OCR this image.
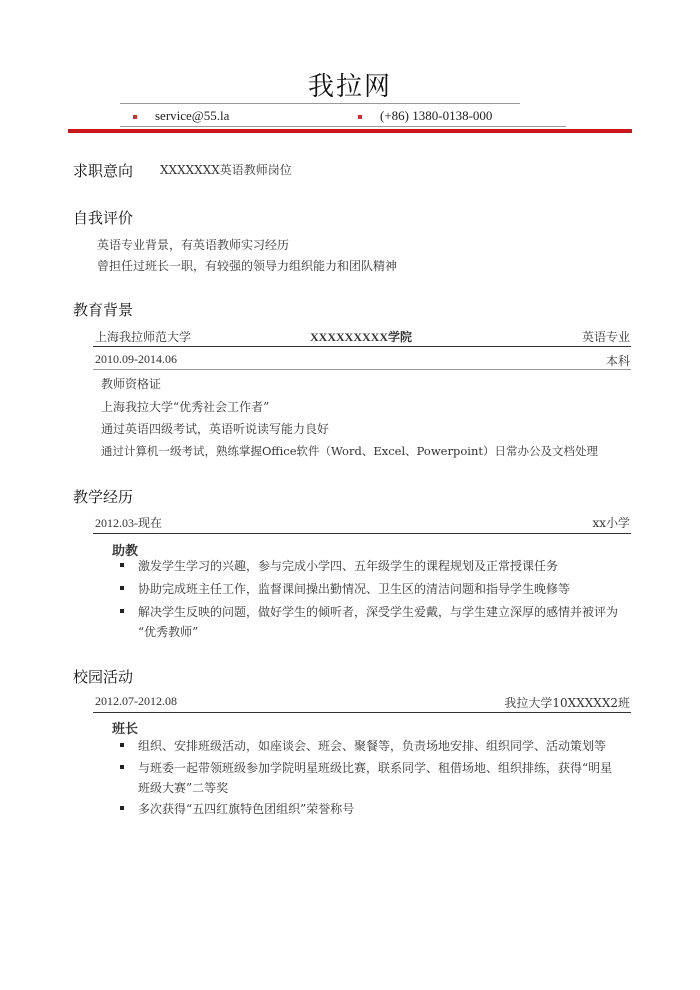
我拉网
service@55.la	(+86) 1380-0138-000
求职意向 XXXXXXX英语教师岗位
自我评价
英语专业背景，有英语教师实习经历
曾担任过班长一职，有较强的领导力组织能力和团队精神
教育背景
上海我拉师范大学	XXXXXXXXX学院	英语专业
2010.09-2014.06	本科
教师资格证
上海我拉大学“优秀社会工作者”
通过英语四级考试，英语听说读写能力良好
通过计算机一级考试，熟练掌握Office软件（Word、Excel、Powerpoint）日常办公及文档处理
教学经历
2012.03-现在	xx小学
助教
激发学生学习的兴趣，参与完成小学四、五年级学生的课程规划及正常授课任务
协助完成班主任工作，监督课间操出勤情况、卫生区的清洁问题和指导学生晚修等
解决学生反映的问题，做好学生的倾听者，深受学生爱戴，与学生建立深厚的感情并被评为
“优秀教师”
校园活动
2012.07-2012.08	我拉大学10XXXXX2班
班长
组织、安排班级活动，如座谈会、班会、聚餐等，负责场地安排、组织同学、活动策划等
与班委一起带领班级参加学院明星班级比赛，联系同学、租借场地、组织排练，获得“明星
班级大赛”二等奖
多次获得“五四红旗特色团组织”荣誉称号
